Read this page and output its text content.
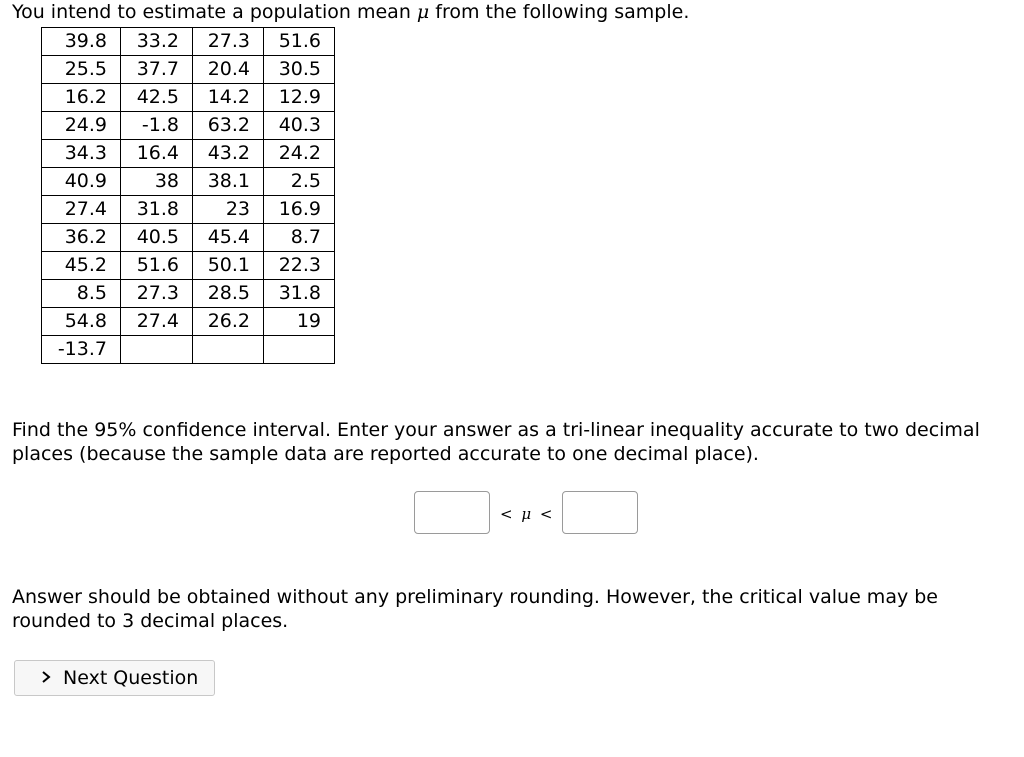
You intend to estimate a population mean μ from the following sample.
39.8	33.2	27.3	51.6
25.5	37.7	20.4	30.5
16.2	42.5	14.2	12.9
24.9	-1.8	63.2	40.3
34.3	16.4	43.2	24.2
40.9	38	38.1	2.5
27.4	31.8	23	16.9
36.2	40.5	45.4	8.7
45.2	51.6	50.1	22.3
8.5	27.3	28.5	31.8
54.8	27.4	26.2	19
-13.7			
Find the 95% confidence interval. Enter your answer as a tri-linear inequality accurate to two decimal places (because the sample data are reported accurate to one decimal place).
< μ <
Answer should be obtained without any preliminary rounding. However, the critical value may be rounded to 3 decimal places.
Next Question
